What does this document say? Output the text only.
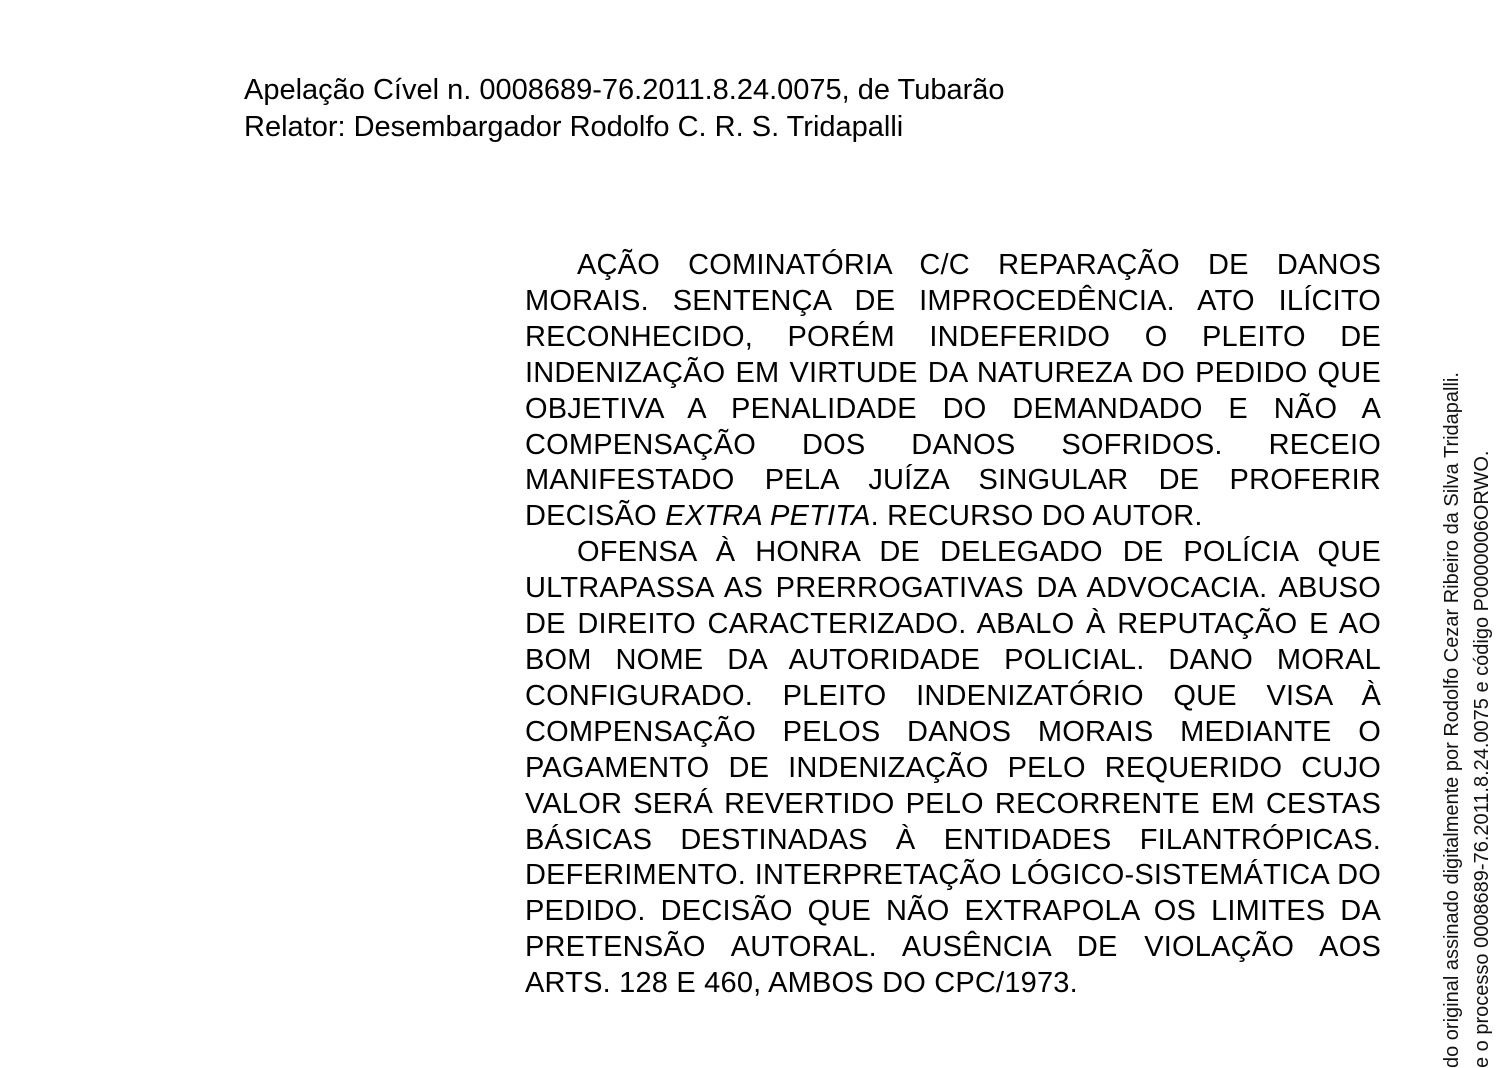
Apelação Cível n. 0008689-76.2011.8.24.0075, de Tubarão
Relator: Desembargador Rodolfo C. R. S. Tridapalli

AÇÃO COMINATÓRIA C/C REPARAÇÃO DE DANOS MORAIS. SENTENÇA DE IMPROCEDÊNCIA. ATO ILÍCITO RECONHECIDO, PORÉM INDEFERIDO O PLEITO DE INDENIZAÇÃO EM VIRTUDE DA NATUREZA DO PEDIDO QUE OBJETIVA A PENALIDADE DO DEMANDADO E NÃO A COMPENSAÇÃO DOS DANOS SOFRIDOS. RECEIO MANIFESTADO PELA JUÍZA SINGULAR DE PROFERIR DECISÃO EXTRA PETITA. RECURSO DO AUTOR.

OFENSA À HONRA DE DELEGADO DE POLÍCIA QUE ULTRAPASSA AS PRERROGATIVAS DA ADVOCACIA. ABUSO DE DIREITO CARACTERIZADO. ABALO À REPUTAÇÃO E AO BOM NOME DA AUTORIDADE POLICIAL. DANO MORAL CONFIGURADO. PLEITO INDENIZATÓRIO QUE VISA À COMPENSAÇÃO PELOS DANOS MORAIS MEDIANTE O PAGAMENTO DE INDENIZAÇÃO PELO REQUERIDO CUJO VALOR SERÁ REVERTIDO PELO RECORRENTE EM CESTAS BÁSICAS DESTINADAS À ENTIDADES FILANTRÓPICAS. DEFERIMENTO. INTERPRETAÇÃO LÓGICO-SISTEMÁTICA DO PEDIDO. DECISÃO QUE NÃO EXTRAPOLA OS LIMITES DA PRETENSÃO AUTORAL. AUSÊNCIA DE VIOLAÇÃO AOS ARTS. 128 E 460, AMBOS DO CPC/1973.	do original assinado digitalmente por Rodolfo Cezar Ribeiro da Silva Tridapalli. e o processo 0008689-76.2011.8.24.0075 e código P0000006ORWO.
